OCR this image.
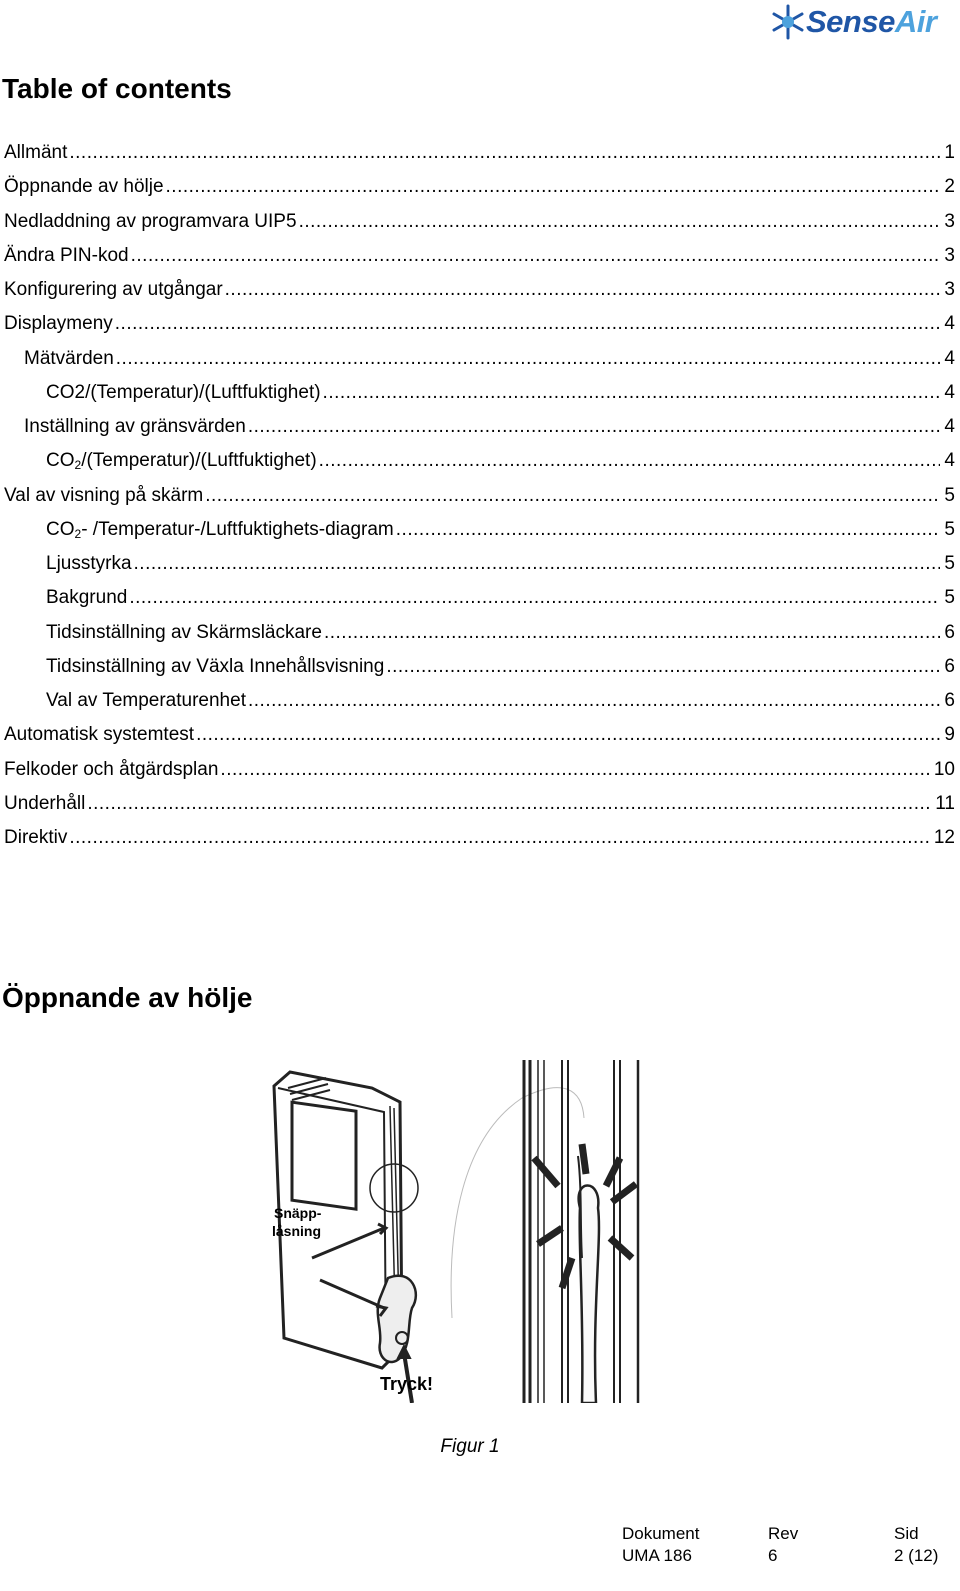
SenseAir
Table of contents
Allmänt .....	1
Öppnande av hölje .....	2
Nedladdning av programvara UIP5 .....	3
Ändra PIN-kod .....	3
Konfigurering av utgångar .....	3
Displaymeny .....	4
Mätvärden .....	4
CO2/(Temperatur)/(Luftfuktighet) .....	4
Inställning av gränsvärden .....	4
$CO_2/(Temperatur)/(Luftfuktighet)$ .....	4
Val av visning på skärm .....	5
$CO_2-$ /Temperatur-/Luftfuktighets-diagram .....	5
Ljusstyrka .....	5
Bakgrund .....	5
Tidsinställning av Skärmsläckare .....	6
Tidsinställning av Växla Innehållsvisning .....	6
Val av Temperaturenhet .....	6
Automatisk systemtest .....	9
Felkoder och åtgärdsplan .....	10
Underhåll .....	11
Direktiv .....	12
Öppnande av hölje
Snäpp-
låsning
Tryck!
Figur 1
Dokument	Rev	Sid
UMA 186	6	2 (12)
